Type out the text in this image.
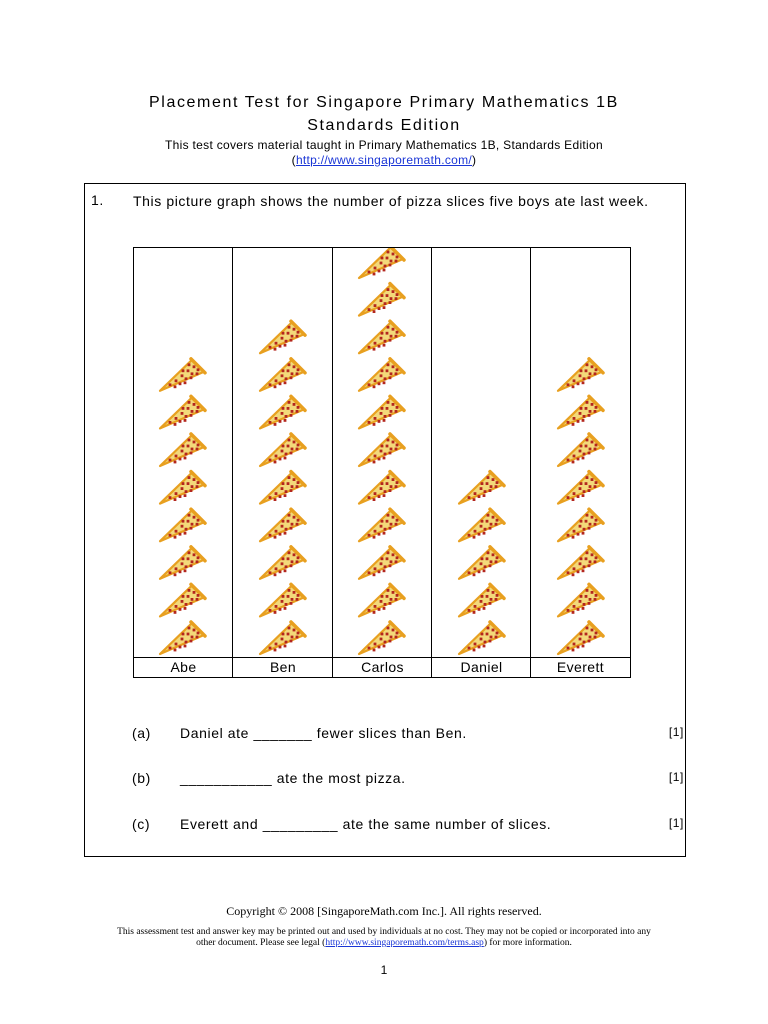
Placement Test for Singapore Primary Mathematics 1B
Standards Edition
This test covers material taught in Primary Mathematics 1B, Standards Edition
(http://www.singaporemath.com/)
1. This picture graph shows the number of pizza slices five boys ate last week.
Abe	Ben	Carlos	Daniel	Everett
(a) Daniel ate _______ fewer slices than Ben.	[1]
(b) ___________ ate the most pizza.	[1]
(c) Everett and _________ ate the same number of slices.	[1]
Copyright © 2008 [SingaporeMath.com Inc.]. All rights reserved.
This assessment test and answer key may be printed out and used by individuals at no cost. They may not be copied or incorporated into any
other document. Please see legal (http://www.singaporemath.com/terms.asp) for more information.
1
